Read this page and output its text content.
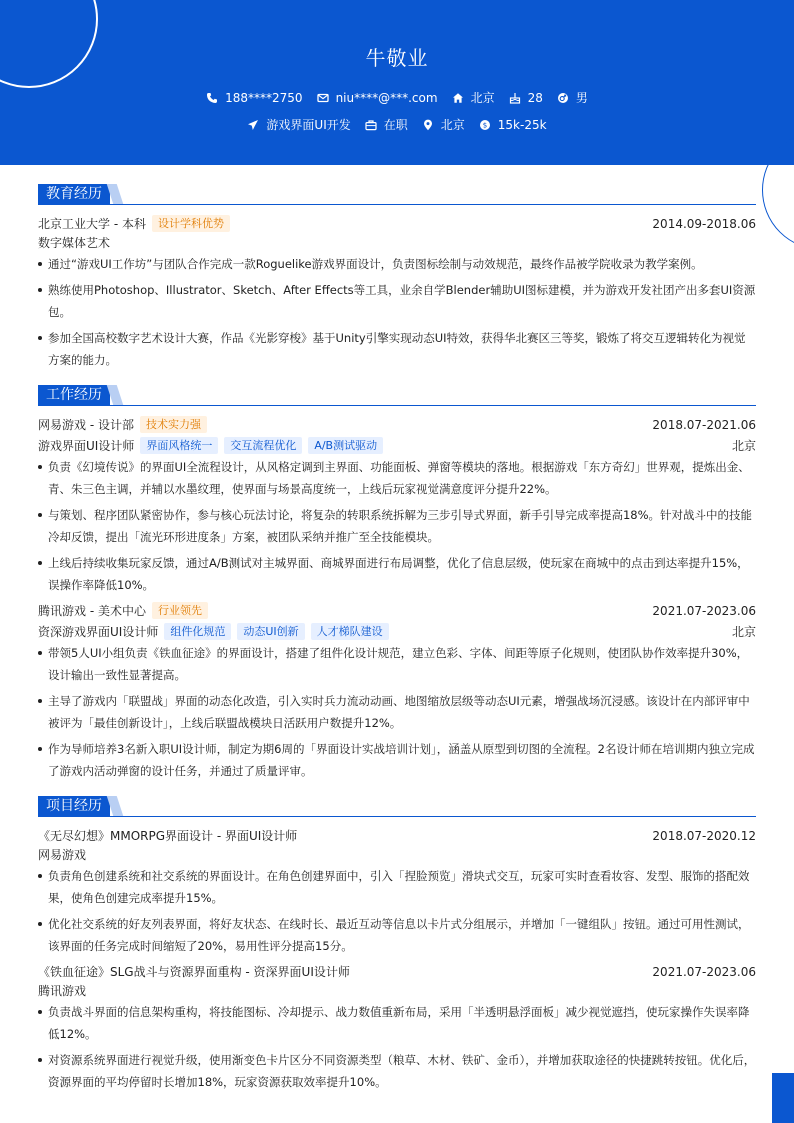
牛敬业
188****2750	niu****@***.com	北京	28	男
游戏界面UI开发	在职	北京	$ 15k-25k
教育经历
北京工业大学 - 本科	设计学科优势	2014.09-2018.06
数字媒体艺术
通过“游戏UI工作坊”与团队合作完成一款Roguelike游戏界面设计，负责图标绘制与动效规范，最终作品被学院收录为教学案例。
熟练使用Photoshop、Illustrator、Sketch、After Effects等工具，业余自学Blender辅助UI图标建模，并为游戏开发社团产出多套UI资源包。
参加全国高校数字艺术设计大赛，作品《光影穿梭》基于Unity引擎实现动态UI特效，获得华北赛区三等奖，锻炼了将交互逻辑转化为视觉方案的能力。
工作经历
网易游戏 - 设计部	技术实力强	2018.07-2021.06
游戏界面UI设计师	界面风格统一	交互流程优化	A/B测试驱动	北京
负责《幻境传说》的界面UI全流程设计，从风格定调到主界面、功能面板、弹窗等模块的落地。根据游戏「东方奇幻」世界观，提炼出金、青、朱三色主调，并辅以水墨纹理，使界面与场景高度统一，上线后玩家视觉满意度评分提升22%。
与策划、程序团队紧密协作，参与核心玩法讨论，将复杂的转职系统拆解为三步引导式界面，新手引导完成率提高18%。针对战斗中的技能冷却反馈，提出「流光环形进度条」方案，被团队采纳并推广至全技能模块。
上线后持续收集玩家反馈，通过A/B测试对主城界面、商城界面进行布局调整，优化了信息层级，使玩家在商城中的点击到达率提升15%，误操作率降低10%。
腾讯游戏 - 美术中心	行业领先	2021.07-2023.06
资深游戏界面UI设计师	组件化规范	动态UI创新	人才梯队建设	北京
带领5人UI小组负责《铁血征途》的界面设计，搭建了组件化设计规范，建立色彩、字体、间距等原子化规则，使团队协作效率提升30%，设计输出一致性显著提高。
主导了游戏内「联盟战」界面的动态化改造，引入实时兵力流动动画、地图缩放层级等动态UI元素，增强战场沉浸感。该设计在内部评审中被评为「最佳创新设计」，上线后联盟战模块日活跃用户数提升12%。
作为导师培养3名新入职UI设计师，制定为期6周的「界面设计实战培训计划」，涵盖从原型到切图的全流程。2名设计师在培训期内独立完成了游戏内活动弹窗的设计任务，并通过了质量评审。
项目经历
《无尽幻想》MMORPG界面设计 - 界面UI设计师	2018.07-2020.12
网易游戏
负责角色创建系统和社交系统的界面设计。在角色创建界面中，引入「捏脸预览」滑块式交互，玩家可实时查看妆容、发型、服饰的搭配效果，使角色创建完成率提升15%。
优化社交系统的好友列表界面，将好友状态、在线时长、最近互动等信息以卡片式分组展示，并增加「一键组队」按钮。通过可用性测试，该界面的任务完成时间缩短了20%，易用性评分提高15分。
《铁血征途》SLG战斗与资源界面重构 - 资深界面UI设计师	2021.07-2023.06
腾讯游戏
负责战斗界面的信息架构重构，将技能图标、冷却提示、战力数值重新布局，采用「半透明悬浮面板」减少视觉遮挡，使玩家操作失误率降低12%。
对资源系统界面进行视觉升级，使用渐变色卡片区分不同资源类型（粮草、木材、铁矿、金币），并增加获取途径的快捷跳转按钮。优化后，资源界面的平均停留时长增加18%，玩家资源获取效率提升10%。
